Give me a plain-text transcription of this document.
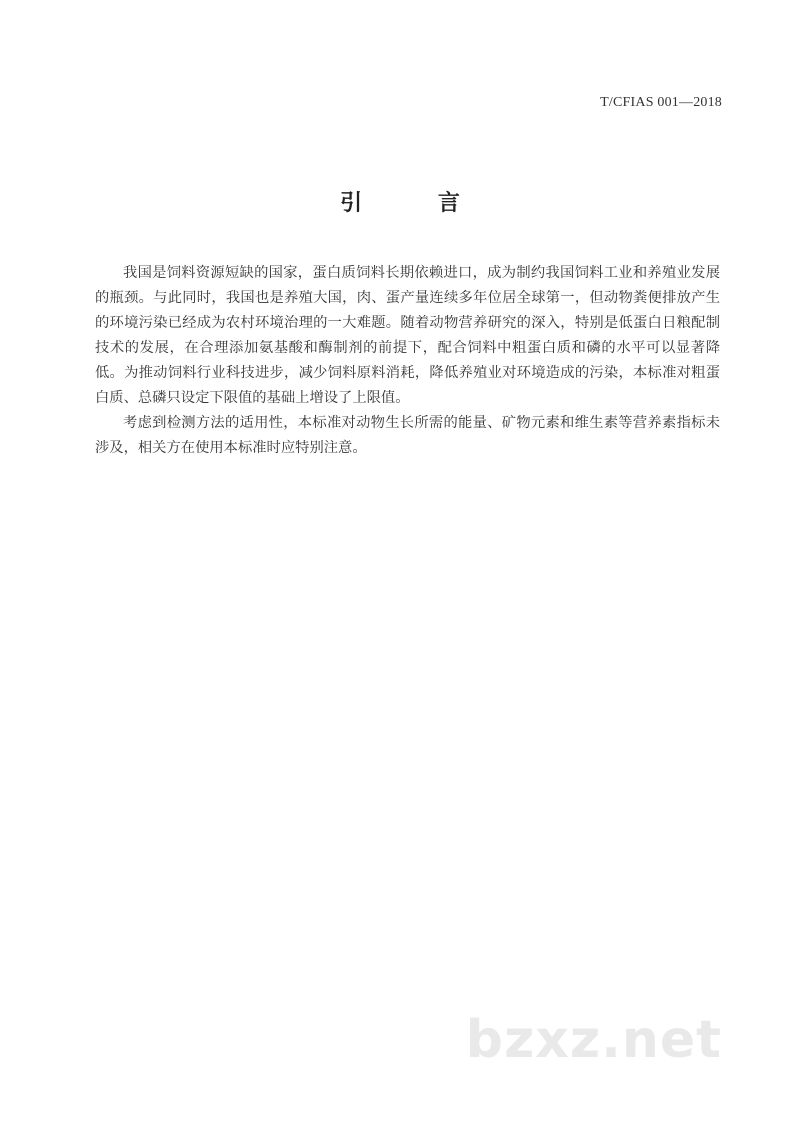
T/CFIAS 001—2018
引 言

我国是饲料资源短缺的国家，蛋白质饲料长期依赖进口，成为制约我国饲料工业和养殖业发展的瓶颈。与此同时，我国也是养殖大国，肉、蛋产量连续多年位居全球第一，但动物粪便排放产生的环境污染已经成为农村环境治理的一大难题。随着动物营养研究的深入，特别是低蛋白日粮配制技术的发展，在合理添加氨基酸和酶制剂的前提下，配合饲料中粗蛋白质和磷的水平可以显著降低。为推动饲料行业科技进步，减少饲料原料消耗，降低养殖业对环境造成的污染，本标准对粗蛋白质、总磷只设定下限值的基础上增设了上限值。

考虑到检测方法的适用性，本标准对动物生长所需的能量、矿物元素和维生素等营养素指标未涉及，相关方在使用本标准时应特别注意。

bzxz.net
